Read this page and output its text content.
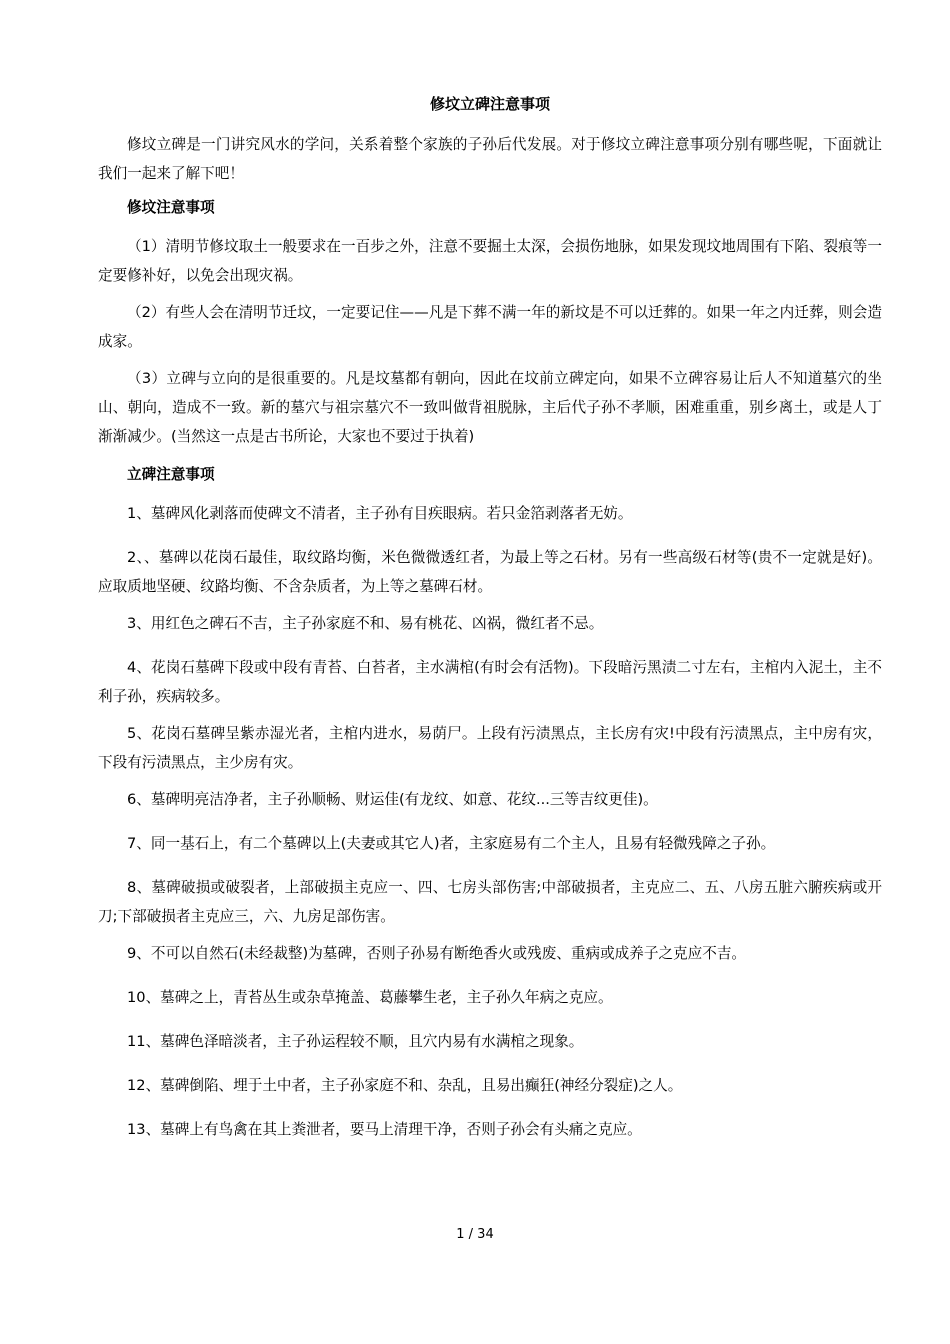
修坟立碑注意事项

修坟立碑是一门讲究风水的学问，关系着整个家族的子孙后代发展。对于修坟立碑注意事项分别有哪些呢，下面就让我们一起来了解下吧！

修坟注意事项

（1）清明节修坟取土一般要求在一百步之外，注意不要掘土太深，会损伤地脉，如果发现坟地周围有下陷、裂痕等一定要修补好，以免会出现灾祸。

（2）有些人会在清明节迁坟，一定要记住——凡是下葬不满一年的新坟是不可以迁葬的。如果一年之内迁葬，则会造成家。

（3）立碑与立向的是很重要的。凡是坟墓都有朝向，因此在坟前立碑定向，如果不立碑容易让后人不知道墓穴的坐山、朝向，造成不一致。新的墓穴与祖宗墓穴不一致叫做背祖脱脉，主后代子孙不孝顺，困难重重，别乡离土，或是人丁渐渐减少。(当然这一点是古书所论，大家也不要过于执着)

立碑注意事项

1、墓碑风化剥落而使碑文不清者，主子孙有目疾眼病。若只金箔剥落者无妨。

2、、墓碑以花岗石最佳，取纹路均衡，米色微微透红者，为最上等之石材。另有一些高级石材等(贵不一定就是好)。应取质地坚硬、纹路均衡、不含杂质者，为上等之墓碑石材。

3、用红色之碑石不吉，主子孙家庭不和、易有桃花、凶祸，微红者不忌。

4、花岗石墓碑下段或中段有青苔、白苔者，主水满棺(有时会有活物)。下段暗污黑渍二寸左右，主棺内入泥土，主不利子孙，疾病较多。

5、花岗石墓碑呈紫赤湿光者，主棺内进水，易荫尸。上段有污渍黑点，主长房有灾!中段有污渍黑点，主中房有灾，下段有污渍黑点，主少房有灾。

6、墓碑明亮洁净者，主子孙顺畅、财运佳(有龙纹、如意、花纹...三等吉纹更佳)。

7、同一基石上，有二个墓碑以上(夫妻或其它人)者，主家庭易有二个主人，且易有轻微残障之子孙。

8、墓碑破损或破裂者，上部破损主克应一、四、七房头部伤害;中部破损者，主克应二、五、八房五脏六腑疾病或开刀;下部破损者主克应三，六、九房足部伤害。

9、不可以自然石(未经裁整)为墓碑，否则子孙易有断绝香火或残废、重病或成养子之克应不吉。

10、墓碑之上，青苔丛生或杂草掩盖、葛藤攀生老，主子孙久年病之克应。

11、墓碑色泽暗淡者，主子孙运程较不顺，且穴内易有水满棺之现象。

12、墓碑倒陷、埋于土中者，主子孙家庭不和、杂乱，且易出癫狂(神经分裂症)之人。

13、墓碑上有鸟禽在其上粪泄者，要马上清理干净，否则子孙会有头痛之克应。

1 / 34
